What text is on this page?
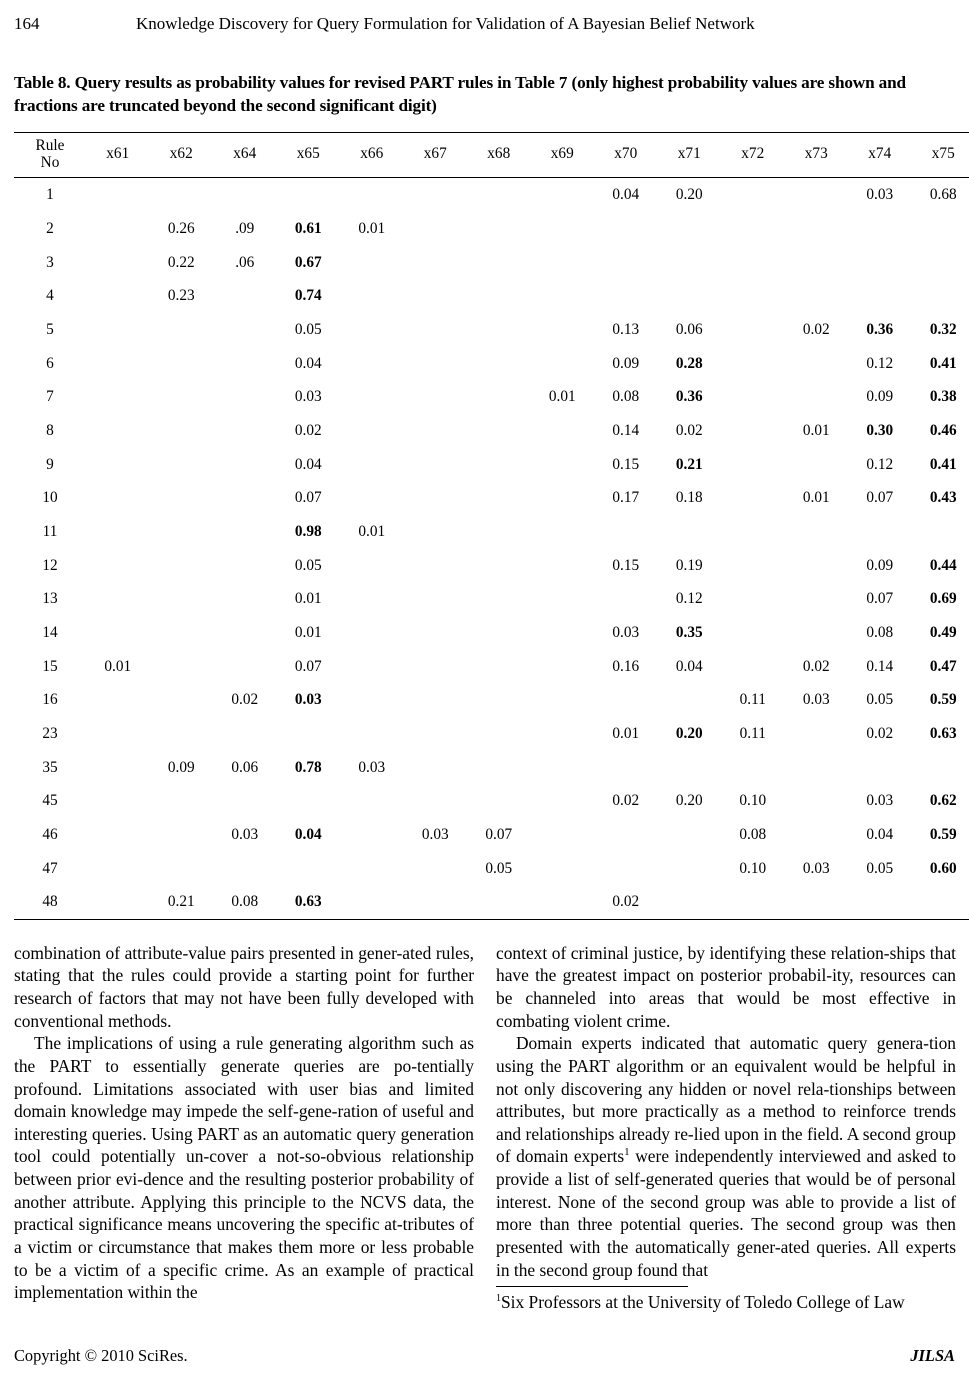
164	Knowledge Discovery for Query Formulation for Validation of A Bayesian Belief Network
Table 8. Query results as probability values for revised PART rules in Table 7 (only highest probability values are shown and fractions are truncated beyond the second significant digit)
Rule
No	x61	x62	x64	x65	x66	x67	x68	x69	x70	x71	x72	x73	x74	x75
1									0.04	0.20			0.03	0.68
2		0.26	.09	0.61	0.01									
3		0.22	.06	0.67										
4		0.23		0.74										
5				0.05					0.13	0.06		0.02	0.36	0.32
6				0.04					0.09	0.28			0.12	0.41
7				0.03				0.01	0.08	0.36			0.09	0.38
8				0.02					0.14	0.02		0.01	0.30	0.46
9				0.04					0.15	0.21			0.12	0.41
10				0.07					0.17	0.18		0.01	0.07	0.43
11				0.98	0.01									
12				0.05					0.15	0.19			0.09	0.44
13				0.01						0.12			0.07	0.69
14				0.01					0.03	0.35			0.08	0.49
15	0.01			0.07					0.16	0.04		0.02	0.14	0.47
16			0.02	0.03							0.11	0.03	0.05	0.59
23									0.01	0.20	0.11		0.02	0.63
35		0.09	0.06	0.78	0.03									
45									0.02	0.20	0.10		0.03	0.62
46			0.03	0.04		0.03	0.07				0.08		0.04	0.59
47							0.05				0.10	0.03	0.05	0.60
48		0.21	0.08	0.63					0.02					

combination of attribute-value pairs presented in gener-ated rules, stating that the rules could provide a starting point for further research of factors that may not have been fully developed with conventional methods.

The implications of using a rule generating algorithm such as the PART to essentially generate queries are po-tentially profound. Limitations associated with user bias and limited domain knowledge may impede the self-gene-ration of useful and interesting queries. Using PART as an automatic query generation tool could potentially un-cover a not-so-obvious relationship between prior evi-dence and the resulting posterior probability of another attribute. Applying this principle to the NCVS data, the practical significance means uncovering the specific at-tributes of a victim or circumstance that makes them more or less probable to be a victim of a specific crime. As an example of practical implementation within the

context of criminal justice, by identifying these relation-ships that have the greatest impact on posterior probabil-ity, resources can be channeled into areas that would be most effective in combating violent crime.

Domain experts indicated that automatic query genera-tion using the PART algorithm or an equivalent would be helpful in not only discovering any hidden or novel rela-tionships between attributes, but more practically as a method to reinforce trends and relationships already re-lied upon in the field. A second group of domain experts$^1$ were independently interviewed and asked to provide a list of self-generated queries that would be of personal interest. None of the second group was able to provide a list of more than three potential queries. The second group was then presented with the automatically gener-ated queries. All experts in the second group found that

$^1$Six Professors at the University of Toledo College of Law

Copyright © 2010 SciRes.	JILSA
